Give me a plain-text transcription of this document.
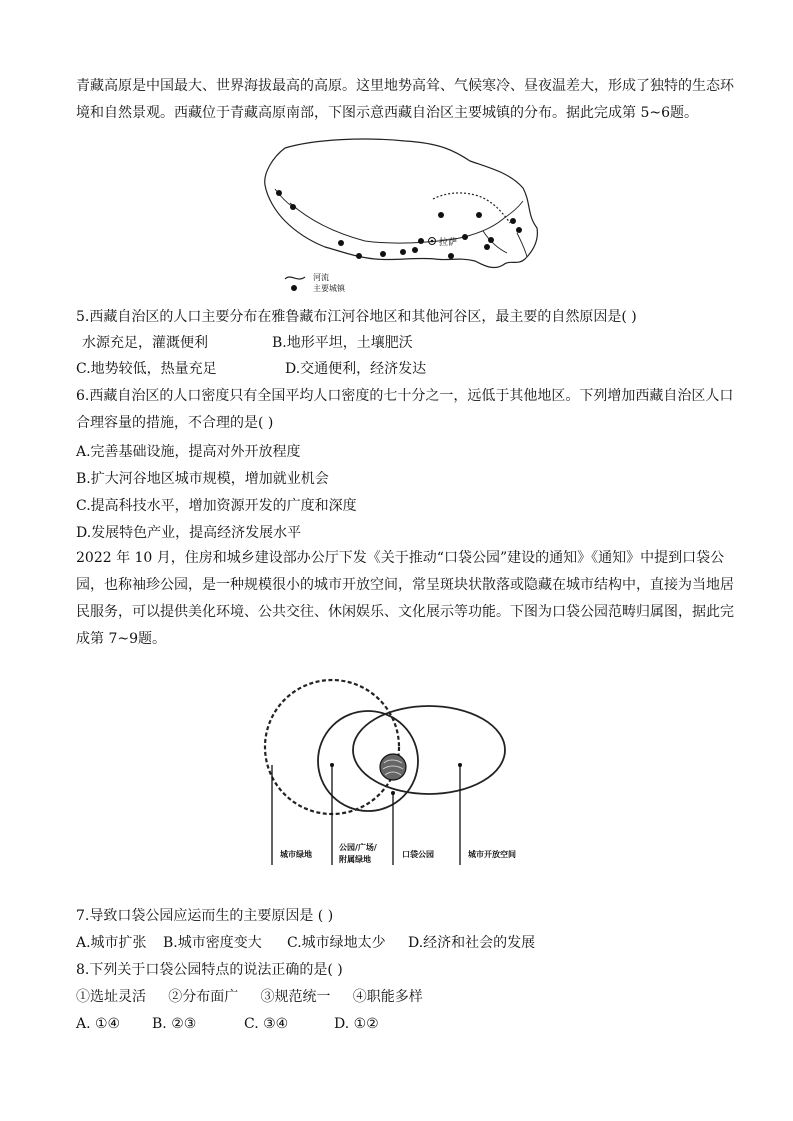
青藏高原是中国最大、世界海拔最高的高原。这里地势高耸、气候寒冷、昼夜温差大，形成了独特的生态环境和自然景观。西藏位于青藏高原南部，下图示意西藏自治区主要城镇的分布。据此完成第 5~6题。

拉萨
河流
主要城镇
5.西藏自治区的人口主要分布在雅鲁藏布江河谷地区和其他河谷区，最主要的自然原因是( )
水源充足，灌溉便利	B.地形平坦，土壤肥沃
C.地势较低，热量充足	D.交通便利，经济发达

6.西藏自治区的人口密度只有全国平均人口密度的七十分之一，远低于其他地区。下列增加西藏自治区人口合理容量的措施，不合理的是( )

A.完善基础设施，提高对外开放程度
B.扩大河谷地区城市规模，增加就业机会
C.提高科技水平，增加资源开发的广度和深度
D.发展特色产业，提高经济发展水平

2022 年 10 月，住房和城乡建设部办公厅下发《关于推动“口袋公园”建设的通知》《通知》中提到口袋公园，也称袖珍公园，是一种规模很小的城市开放空间，常呈斑块状散落或隐藏在城市结构中，直接为当地居民服务，可以提供美化环境、公共交往、休闲娱乐、文化展示等功能。下图为口袋公园范畴归属图，据此完成第 7~9题。

城市绿地
公园/广场/
附属绿地
口袋公园	城市开放空间
7.导致口袋公园应运而生的主要原因是 ( )
A.城市扩张 B.城市密度变大 C.城市绿地太少 D.经济和社会的发展
8.下列关于口袋公园特点的说法正确的是( )
①选址灵活     ②分布面广     ③规范统一     ④职能多样
A. ①④ B. ②③	C. ③④	D. ①②
